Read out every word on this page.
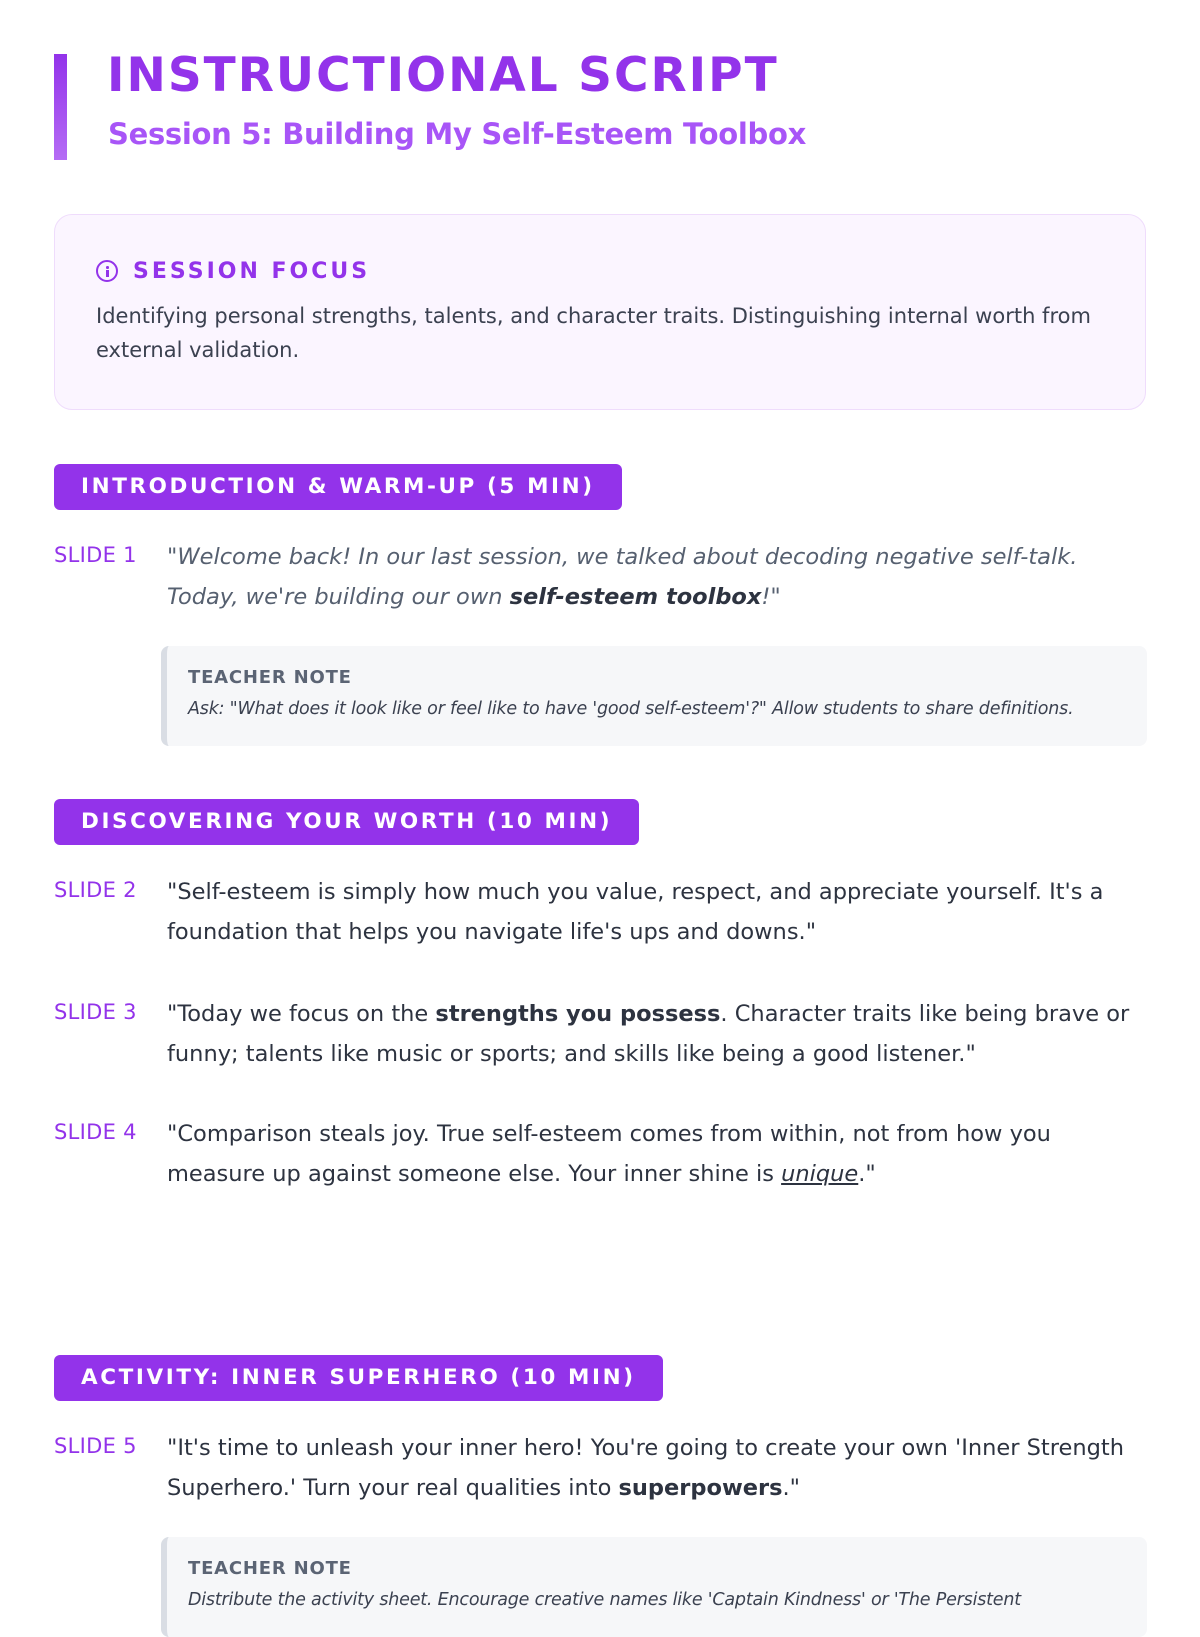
INSTRUCTIONAL SCRIPT
Session 5: Building My Self-Esteem Toolbox
SESSION FOCUS

Identifying personal strengths, talents, and character traits. Distinguishing internal worth from external validation.

INTRODUCTION & WARM-UP (5 MIN)
SLIDE 1 "Welcome back! In our last session, we talked about decoding negative self-talk. Today, we're building our own self-esteem toolbox!"

TEACHER NOTE

Ask: "What does it look like or feel like to have 'good self-esteem'?" Allow students to share definitions.

DISCOVERING YOUR WORTH (10 MIN)
SLIDE 2 "Self-esteem is simply how much you value, respect, and appreciate yourself. It's a foundation that helps you navigate life's ups and downs."

SLIDE 3 "Today we focus on the strengths you possess. Character traits like being brave or funny; talents like music or sports; and skills like being a good listener."

SLIDE 4 "Comparison steals joy. True self-esteem comes from within, not from how you measure up against someone else. Your inner shine is unique."

ACTIVITY: INNER SUPERHERO (10 MIN)
SLIDE 5 "It's time to unleash your inner hero! You're going to create your own 'Inner Strength Superhero.' Turn your real qualities into superpowers."

TEACHER NOTE

Distribute the activity sheet. Encourage creative names like 'Captain Kindness' or 'The Persistent
